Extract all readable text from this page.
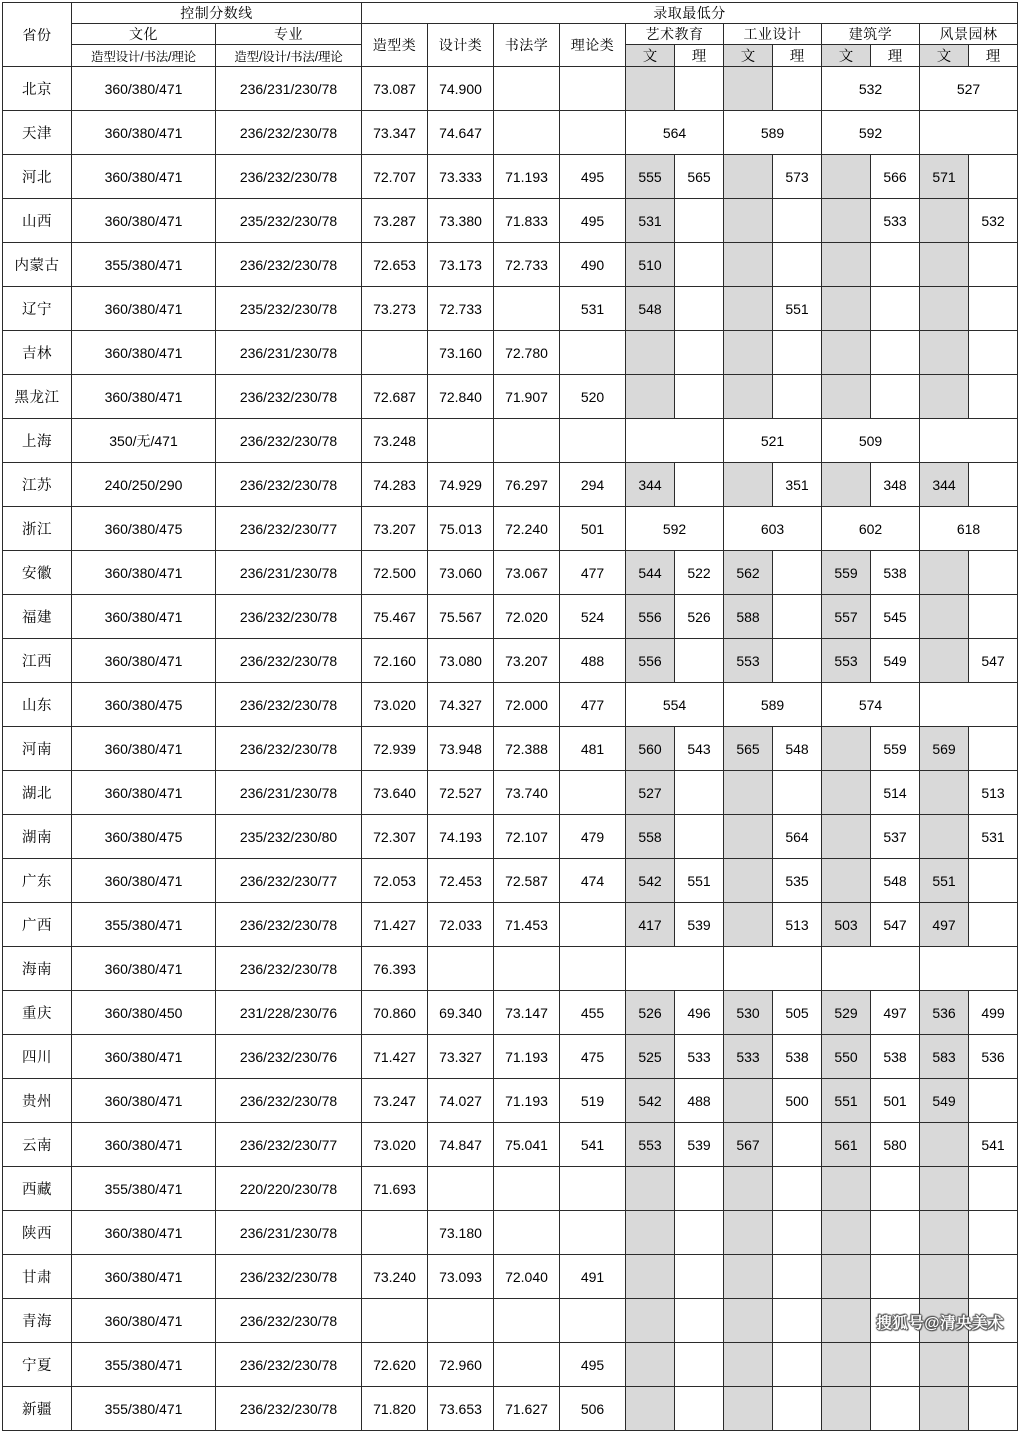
省份	控制分数线		录取最低分											
	文化	专业	造型类	设计类	书法学	理论类	艺术教育		工业设计		建筑学		风景园林	
	造型设计/书法/理论	造型/设计/书法/理论					文	理	文	理	文	理	文	理
北京	360/380/471	236/231/230/78	73.087	74.900							532		527	
天津	360/380/471	236/232/230/78	73.347	74.647			564		589		592			
河北	360/380/471	236/232/230/78	72.707	73.333	71.193	495	555	565		573		566	571	
山西	360/380/471	235/232/230/78	73.287	73.380	71.833	495	531					533		532
内蒙古	355/380/471	236/232/230/78	72.653	73.173	72.733	490	510							
辽宁	360/380/471	235/232/230/78	73.273	72.733		531	548			551				
吉林	360/380/471	236/231/230/78		73.160	72.780									
黑龙江	360/380/471	236/232/230/78	72.687	72.840	71.907	520								
上海	350/无/471	236/232/230/78	73.248						521		509			
江苏	240/250/290	236/232/230/78	74.283	74.929	76.297	294	344			351		348	344	
浙江	360/380/475	236/232/230/77	73.207	75.013	72.240	501	592		603		602		618	
安徽	360/380/471	236/231/230/78	72.500	73.060	73.067	477	544	522	562		559	538		
福建	360/380/471	236/232/230/78	75.467	75.567	72.020	524	556	526	588		557	545		
江西	360/380/471	236/232/230/78	72.160	73.080	73.207	488	556		553		553	549		547
山东	360/380/475	236/232/230/78	73.020	74.327	72.000	477	554		589		574			
河南	360/380/471	236/232/230/78	72.939	73.948	72.388	481	560	543	565	548		559	569	
湖北	360/380/471	236/231/230/78	73.640	72.527	73.740		527					514		513
湖南	360/380/475	235/232/230/80	72.307	74.193	72.107	479	558			564		537		531
广东	360/380/471	236/232/230/77	72.053	72.453	72.587	474	542	551		535		548	551	
广西	355/380/471	236/232/230/78	71.427	72.033	71.453		417	539		513	503	547	497	
海南	360/380/471	236/232/230/78	76.393											
重庆	360/380/450	231/228/230/76	70.860	69.340	73.147	455	526	496	530	505	529	497	536	499
四川	360/380/471	236/232/230/76	71.427	73.327	71.193	475	525	533	533	538	550	538	583	536
贵州	360/380/471	236/232/230/78	73.247	74.027	71.193	519	542	488		500	551	501	549	
云南	360/380/471	236/232/230/77	73.020	74.847	75.041	541	553	539	567		561	580		541
西藏	355/380/471	220/220/230/78	71.693											
陕西	360/380/471	236/231/230/78		73.180										
甘肃	360/380/471	236/232/230/78	73.240	73.093	72.040	491								
青海	360/380/471	236/232/230/78												
宁夏	355/380/471	236/232/230/78	72.620	72.960		495								
新疆	355/380/471	236/232/230/78	71.820	73.653	71.627	506								
搜狐号@清央美术
